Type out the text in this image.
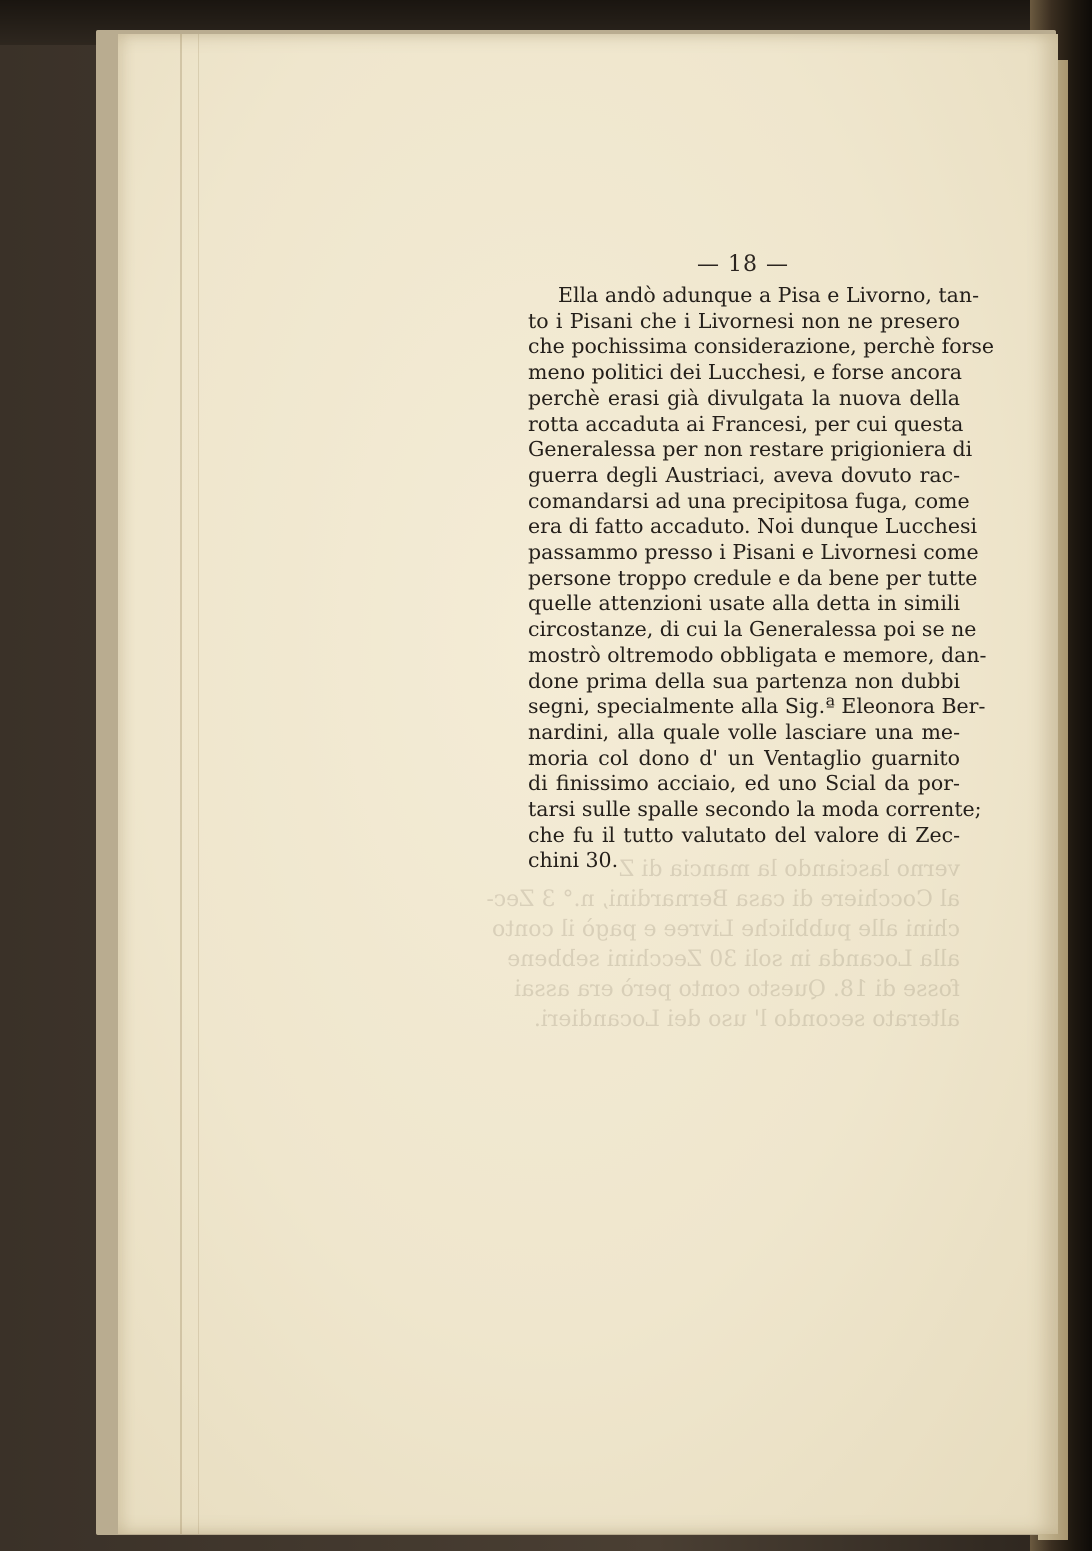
verno lasciando la mancia di Z
al Cocchiere di casa Bernardini, n.° 3
chini alle pubbliche Livree e pagò il conto
alla Locanda in soli 30 Zecchini sebbene
fosse di 18. Questo conto però era assai
alterato secondo l' uso dei Locandieri.
— 18 —
Ella andò adunque a Pisa e Livorno, tan-
to i Pisani che i Livornesi non ne presero
che pochissima considerazione, perchè forse
meno politici dei Lucchesi, e forse ancora
perchè erasi già divulgata la nuova della
rotta accaduta ai Francesi, per cui questa
Generalessa per non restare prigioniera di
guerra degli Austriaci, aveva dovuto rac-
comandarsi ad una precipitosa fuga, come
era di fatto accaduto. Noi dunque Lucchesi
passammo presso i Pisani e Livornesi come
persone troppo credule e da bene per tutte
quelle attenzioni usate alla detta in simili
circostanze, di cui la Generalessa poi se ne
mostrò oltremodo obbligata e memore, dan-
done prima della sua partenza non dubbi
segni, specialmente alla Sig.ª Eleonora Ber-
nardini, alla quale volle lasciare una me-
moria col dono d' un Ventaglio guarnito
di finissimo acciaio, ed uno Scial da por-
tarsi sulle spalle secondo la moda corrente;
che fu il tutto valutato del valore di Zec-
chini 30.
